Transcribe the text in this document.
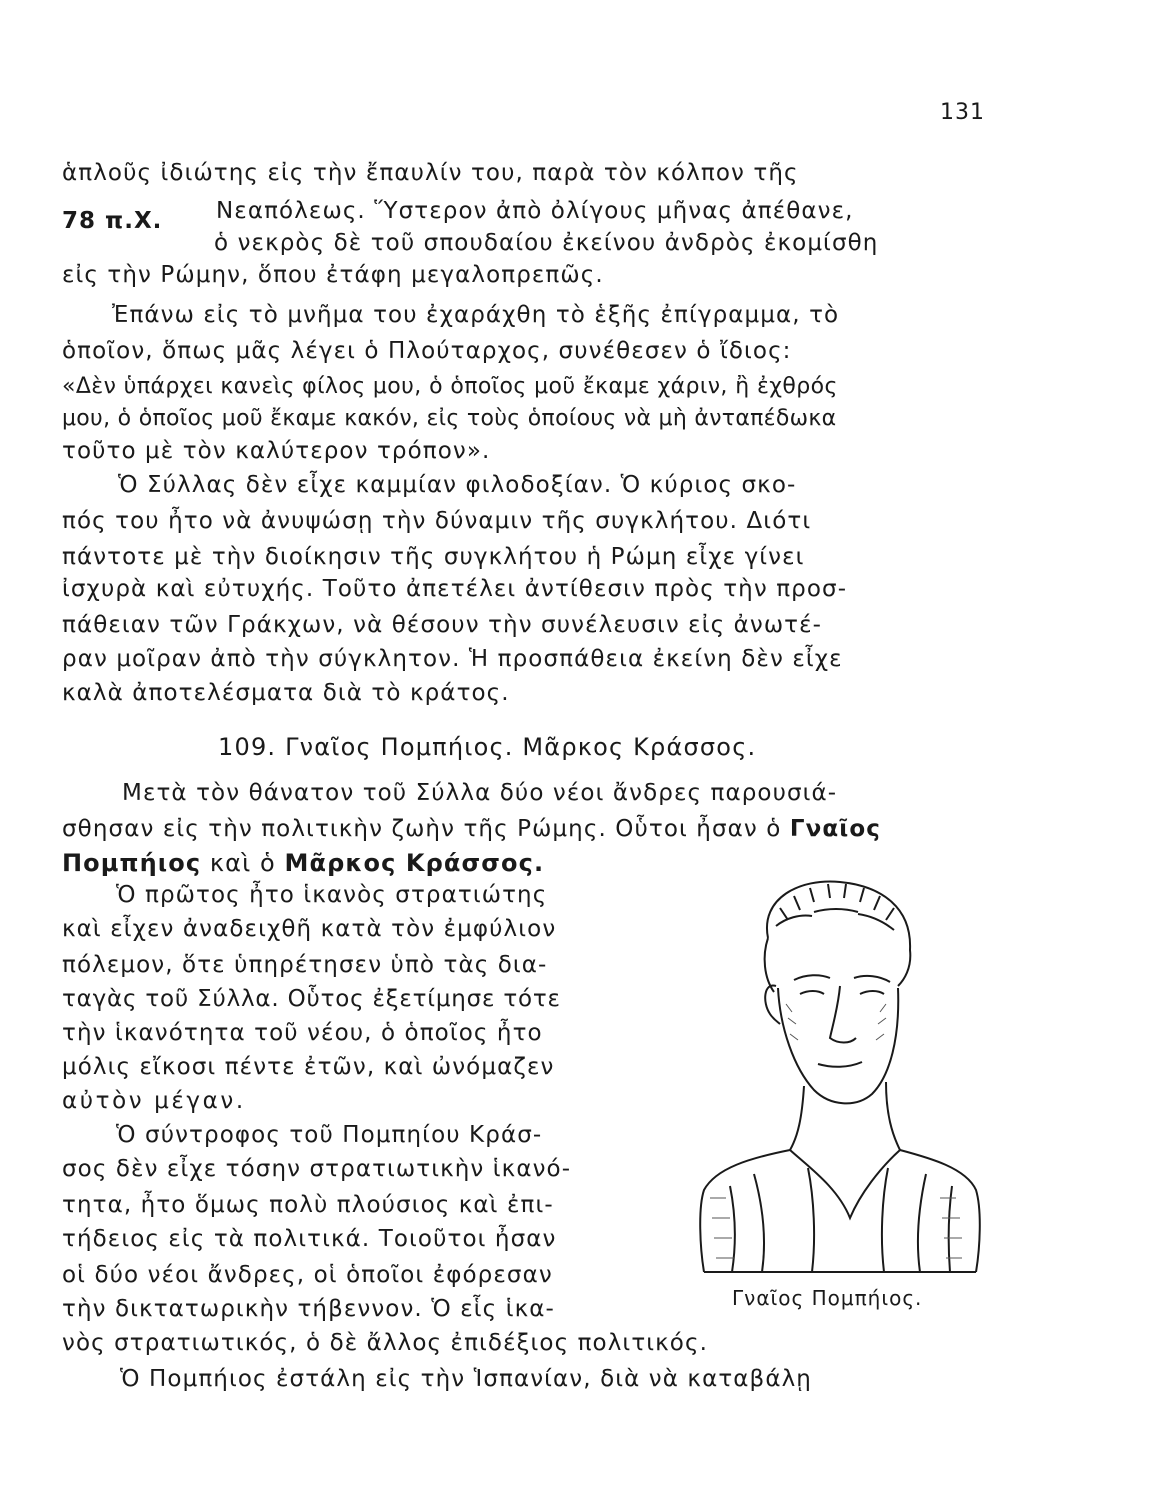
131
ἁπλοῦς ἰδιώτης εἰς τὴν ἔπαυλίν του, παρὰ τὸν κόλπον τῆς
78 π.Χ. Νεαπόλεως. Ὕστερον ἀπὸ ὀλίγους μῆνας ἀπέθανε,
ὁ νεκρὸς δὲ τοῦ σπουδαίου ἐκείνου ἀνδρὸς ἐκομίσθη
εἰς τὴν Ρώμην, ὅπου ἐτάφη μεγαλοπρεπῶς.
Ἐπάνω εἰς τὸ μνῆμα του ἐχαράχθη τὸ ἑξῆς ἐπίγραμμα, τὸ
ὁποῖον, ὅπως μᾶς λέγει ὁ Πλούταρχος, συνέθεσεν ὁ ἴδιος:
«Δὲν ὑπάρχει κανεὶς φίλος μου, ὁ ὁποῖος μοῦ ἔκαμε χάριν, ἢ ἐχθρός
μου, ὁ ὁποῖος μοῦ ἔκαμε κακόν, εἰς τοὺς ὁποίους νὰ μὴ ἀνταπέδωκα
τοῦτο μὲ τὸν καλύτερον τρόπον».
Ὁ Σύλλας δὲν εἶχε καμμίαν φιλοδοξίαν. Ὁ κύριος σκο-
πός του ἦτο νὰ ἀνυψώσῃ τὴν δύναμιν τῆς συγκλήτου. Διότι
πάντοτε μὲ τὴν διοίκησιν τῆς συγκλήτου ἡ Ρώμη εἶχε γίνει
ἰσχυρὰ καὶ εὐτυχής. Τοῦτο ἀπετέλει ἀντίθεσιν πρὸς τὴν προσ-
πάθειαν τῶν Γράκχων, νὰ θέσουν τὴν συνέλευσιν εἰς ἀνωτέ-
ραν μοῖραν ἀπὸ τὴν σύγκλητον. Ἡ προσπάθεια ἐκείνη δὲν εἶχε
καλὰ ἀποτελέσματα διὰ τὸ κράτος.
109. Γναῖος Πομπήιος. Μᾶρκος Κράσσος.
Μετὰ τὸν θάνατον τοῦ Σύλλα δύο νέοι ἄνδρες παρουσιά-
σθησαν εἰς τὴν πολιτικὴν ζωὴν τῆς Ρώμης. Οὗτοι ἦσαν ὁ Γναῖος
Πομπήιος καὶ ὁ Μᾶρκος Κράσσος.
Ὁ πρῶτος ἦτο ἱκανὸς στρατιώτης
καὶ εἶχεν ἀναδειχθῆ κατὰ τὸν ἐμφύλιον
πόλεμον, ὅτε ὑπηρέτησεν ὑπὸ τὰς δια-
ταγὰς τοῦ Σύλλα. Οὗτος ἐξετίμησε τότε
τὴν ἱκανότητα τοῦ νέου, ὁ ὁποῖος ἦτο
μόλις εἴκοσι πέντε ἐτῶν, καὶ ὠνόμαζεν
αὐτὸν μέγαν.
Ὁ σύντροφος τοῦ Πομπηίου Κράσ-
σος δὲν εἶχε τόσην στρατιωτικὴν ἱκανό-
τητα, ἦτο ὅμως πολὺ πλούσιος καὶ ἐπι-
τήδειος εἰς τὰ πολιτικά. Τοιοῦτοι ἦσαν
οἱ δύο νέοι ἄνδρες, οἱ ὁποῖοι ἐφόρεσαν
τὴν δικτατωρικὴν τήβεννον. Ὁ εἷς ἱκα-
νὸς στρατιωτικός, ὁ δὲ ἄλλος ἐπιδέξιος πολιτικός.
Ὁ Πομπήιος ἐστάλη εἰς τὴν Ἱσπανίαν, διὰ νὰ καταβάλῃ
Γναῖος Πομπήιος.
